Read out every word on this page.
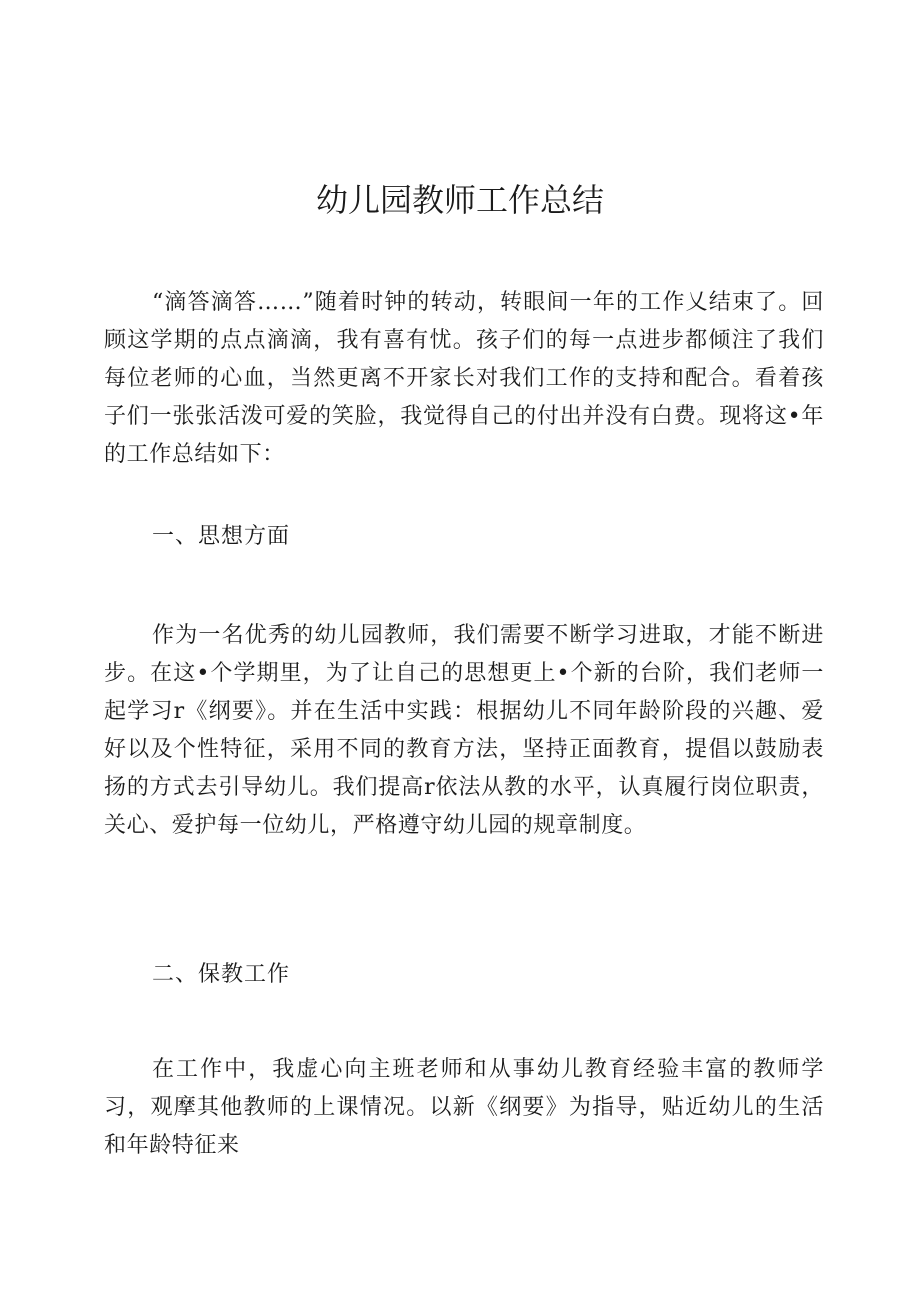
幼儿园教师工作总结

“滴答滴答……”随着时钟的转动，转眼间一年的工作乂结束了。回顾这学期的点点滴滴，我有喜有忧。孩子们的每一点进步都倾注了我们每位老师的心血，当然更离不开家长对我们工作的支持和配合。看着孩子们一张张活泼可爱的笑脸，我觉得自己的付出并没有白费。现将这•年的工作总结如下：

一、思想方面

作为一名优秀的幼儿园教师，我们需要不断学习进取，才能不断进步。在这•个学期里，为了让自己的思想更上•个新的台阶，我们老师一起学习r《纲要》。并在生活中实践：根据幼儿不同年龄阶段的兴趣、爱好以及个性特征，采用不同的教育方法，坚持正面教育，提倡以鼓励表扬的方式去引导幼儿。我们提高r依法从教的水平，认真履行岗位职责，关心、爱护每一位幼儿，严格遵守幼儿园的规章制度。

二、保教工作

在工作中，我虚心向主班老师和从事幼儿教育经验丰富的教师学习，观摩其他教师的上课情况。以新《纲要》为指导，贴近幼儿的生活和年龄特征来
